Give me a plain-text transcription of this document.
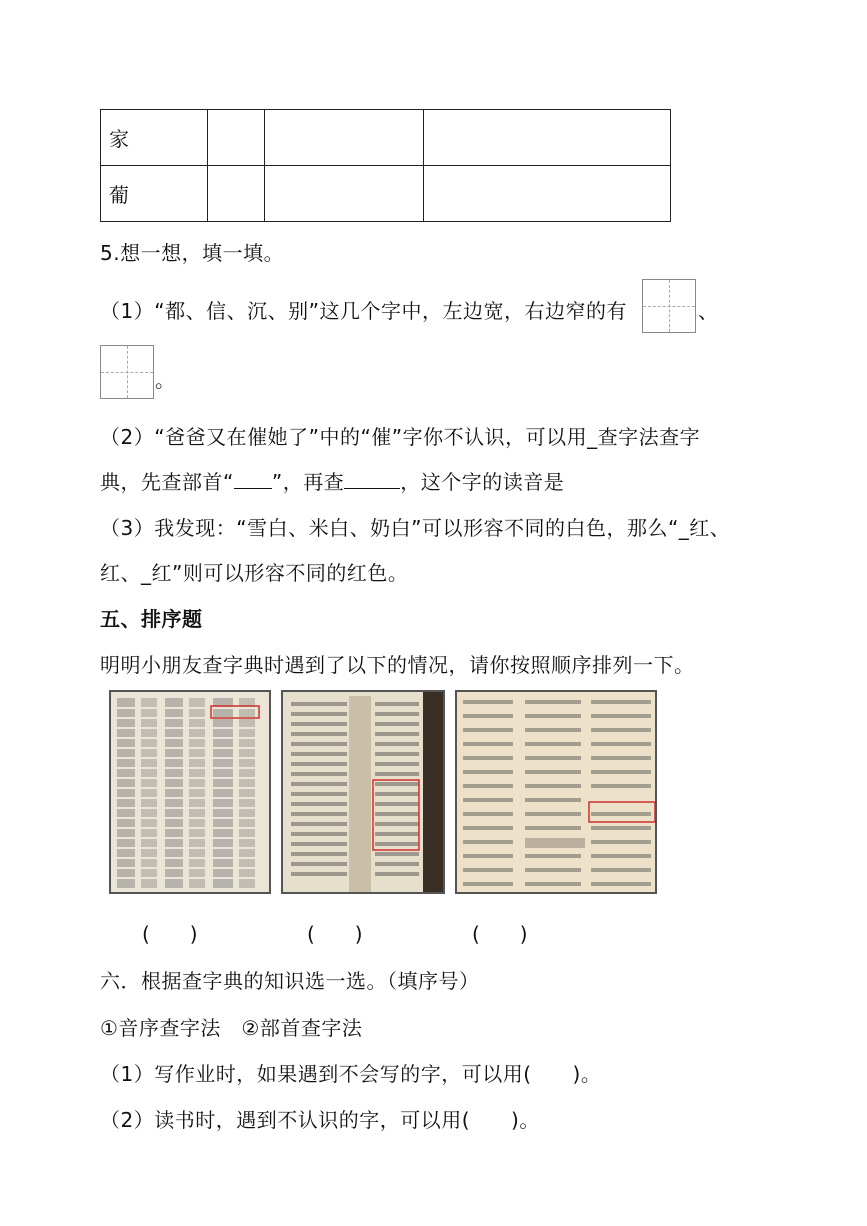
家			
葡			
5.想一想，填一填。
（1）“都、信、沉、别”这几个字中，左边宽，右边窄的有	、
。
（2）“爸爸又在催她了”中的“催”字你不认识，可以用_查字法查字
典，先查部首“ ”，再查	，这个字的读音是
（3）我发现：“雪白、米白、奶白”可以形容不同的白色，那么“_红、
红、_红”则可以形容不同的红色。
五、排序题
明明小朋友查字典时遇到了以下的情况，请你按照顺序排列一下。
(　　)	(　　)	(　　)
六．根据查字典的知识选一选。（填序号）
①音序查字法　②部首查字法
（1）写作业时，如果遇到不会写的字，可以用(　　)。
（2）读书时，遇到不认识的字，可以用(　　)。
